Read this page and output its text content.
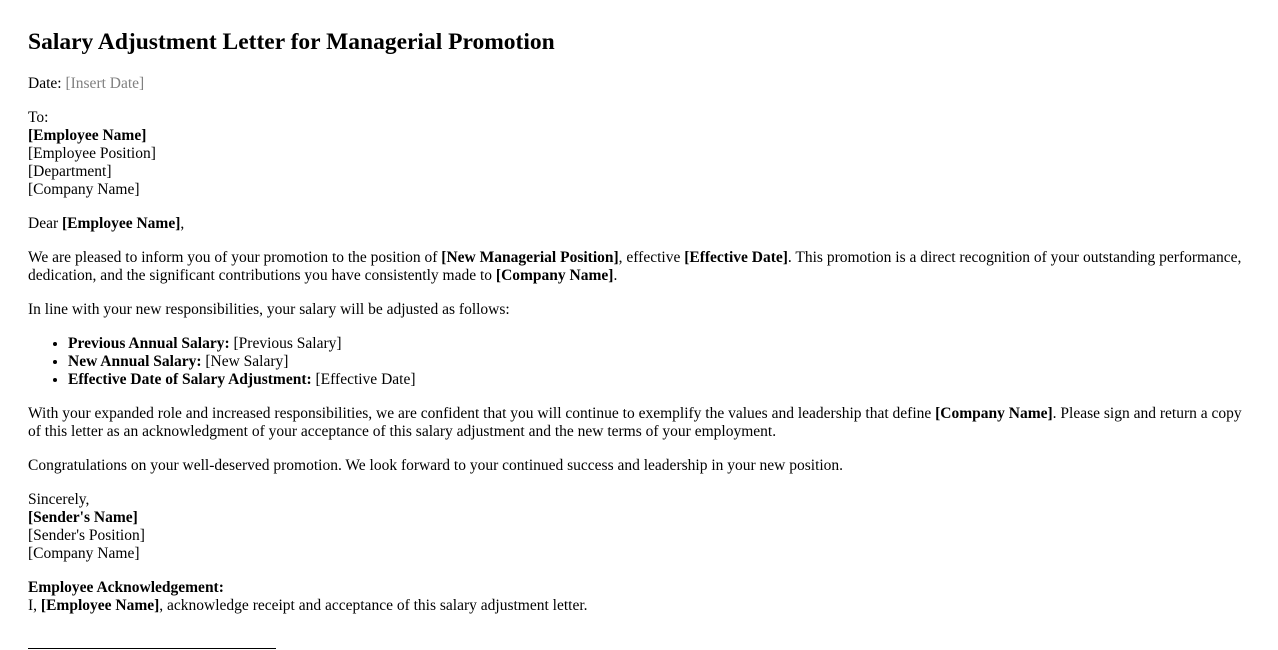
Salary Adjustment Letter for Managerial Promotion
Date: [Insert Date]
To:
[Employee Name]
[Employee Position]
[Department]
[Company Name]
Dear [Employee Name],
We are pleased to inform you of your promotion to the position of [New Managerial Position], effective [Effective Date]. This promotion is a direct recognition of your outstanding performance, dedication, and the significant contributions you have consistently made to [Company Name].
In line with your new responsibilities, your salary will be adjusted as follows:
• Previous Annual Salary: [Previous Salary]
• New Annual Salary: [New Salary]
• Effective Date of Salary Adjustment: [Effective Date]
With your expanded role and increased responsibilities, we are confident that you will continue to exemplify the values and leadership that define [Company Name]. Please sign and return a copy of this letter as an acknowledgment of your acceptance of this salary adjustment and the new terms of your employment.
Congratulations on your well-deserved promotion. We look forward to your continued success and leadership in your new position.
Sincerely,
[Sender's Name]
[Sender's Position]
[Company Name]
Employee Acknowledgement:
I, [Employee Name], acknowledge receipt and acceptance of this salary adjustment letter.
